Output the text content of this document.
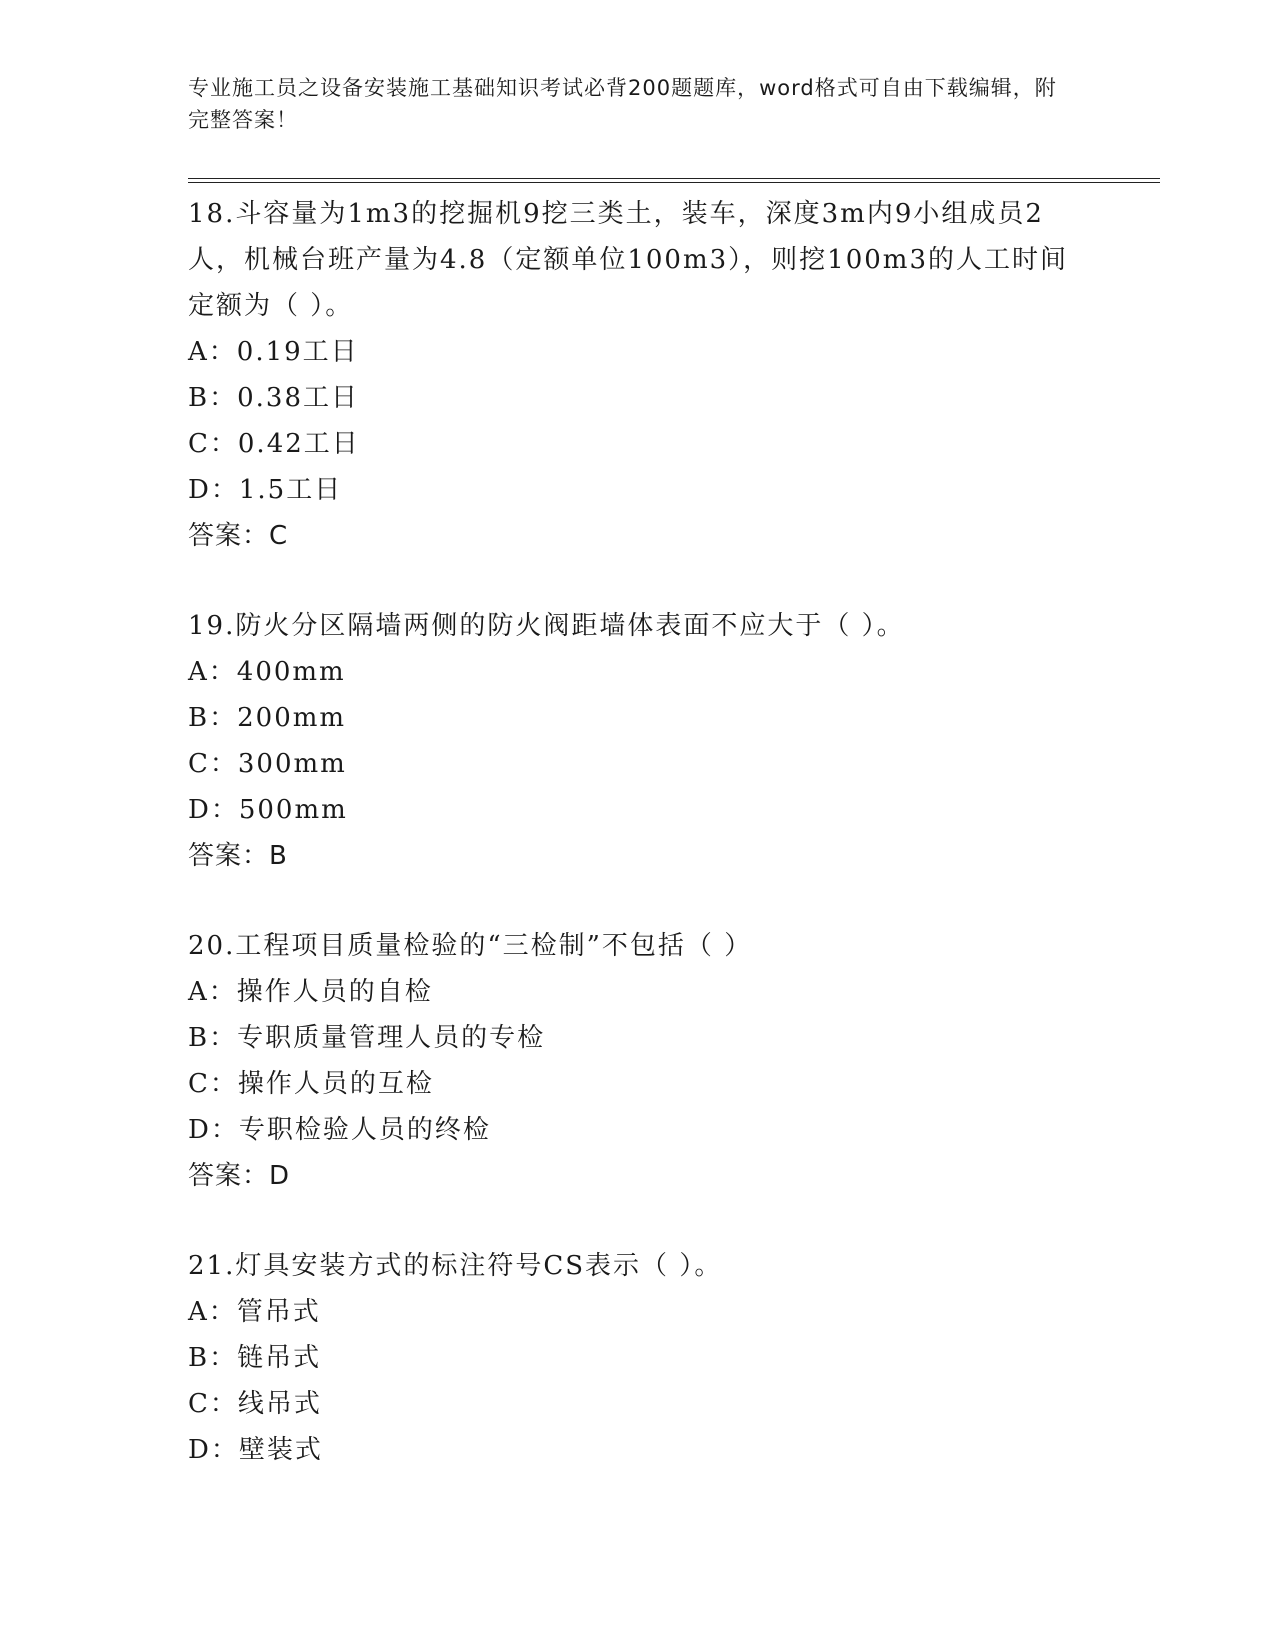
专业施工员之设备安装施工基础知识考试必背200题题库，word格式可自由下载编辑，附完整答案！
18.斗容量为1m3的挖掘机9挖三类土，装车，深度3m内9小组成员2人，机械台班产量为4.8（定额单位100m3），则挖100m3的人工时间定额为（ ）。
A：0.19工日
B：0.38工日
C：0.42工日
D：1.5工日
答案：C
19.防火分区隔墙两侧的防火阀距墙体表面不应大于（ ）。
A：400mm
B：200mm
C：300mm
D：500mm
答案：B
20.工程项目质量检验的“三检制”不包括（ ）
A：操作人员的自检
B：专职质量管理人员的专检
C：操作人员的互检
D：专职检验人员的终检
答案：D
21.灯具安装方式的标注符号CS表示（ ）。
A：管吊式
B：链吊式
C：线吊式
D：壁装式
